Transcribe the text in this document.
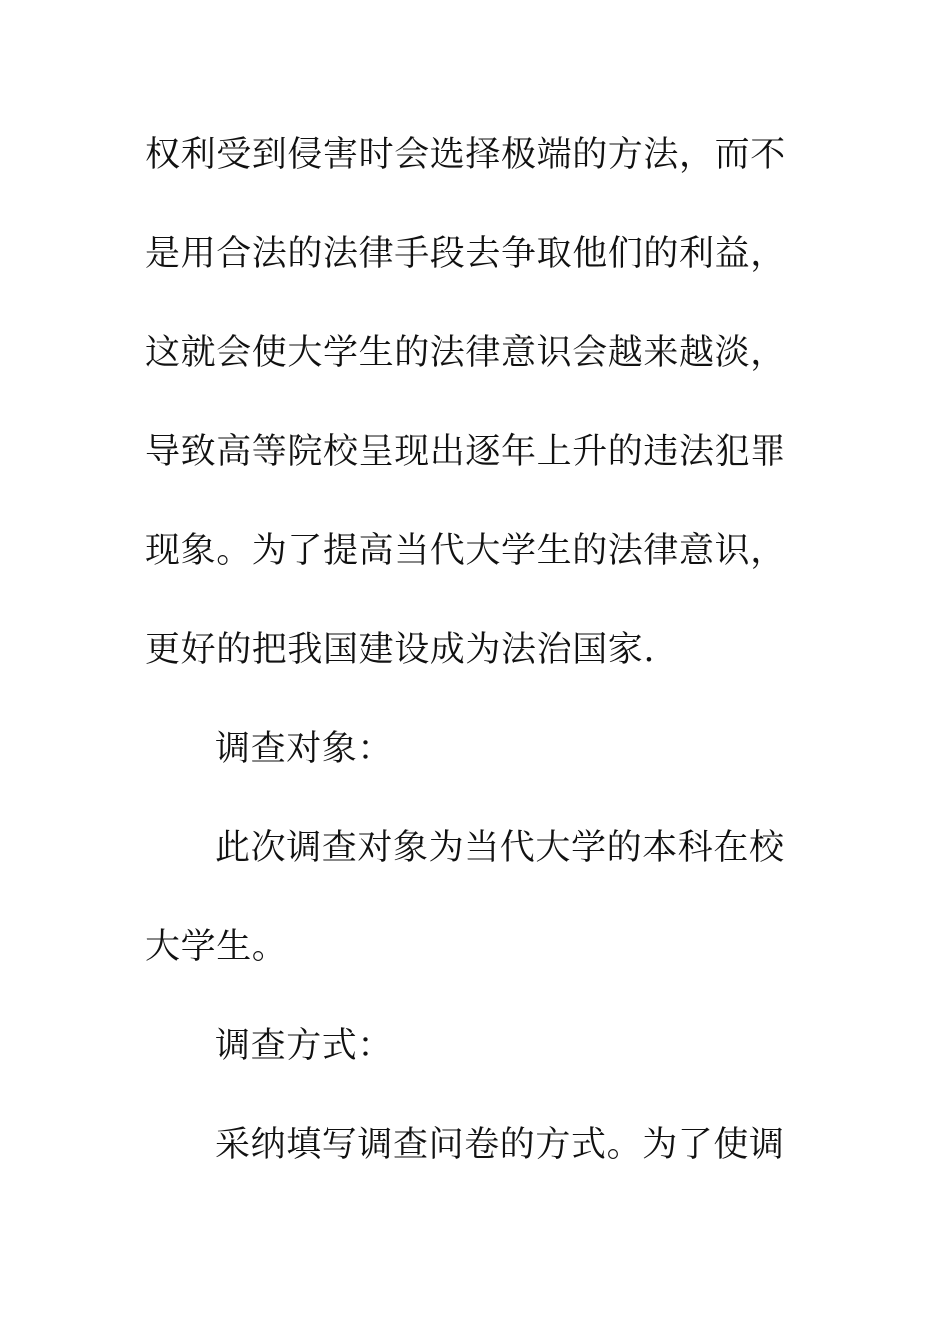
权利受到侵害时会选择极端的方法，而不
是用合法的法律手段去争取他们的利益，
这就会使大学生的法律意识会越来越淡，
导致高等院校呈现出逐年上升的违法犯罪
现象。为了提高当代大学生的法律意识，
更好的把我国建设成为法治国家.
调查对象：
此次调查对象为当代大学的本科在校
大学生。
调查方式：
采纳填写调查问卷的方式。为了使调
